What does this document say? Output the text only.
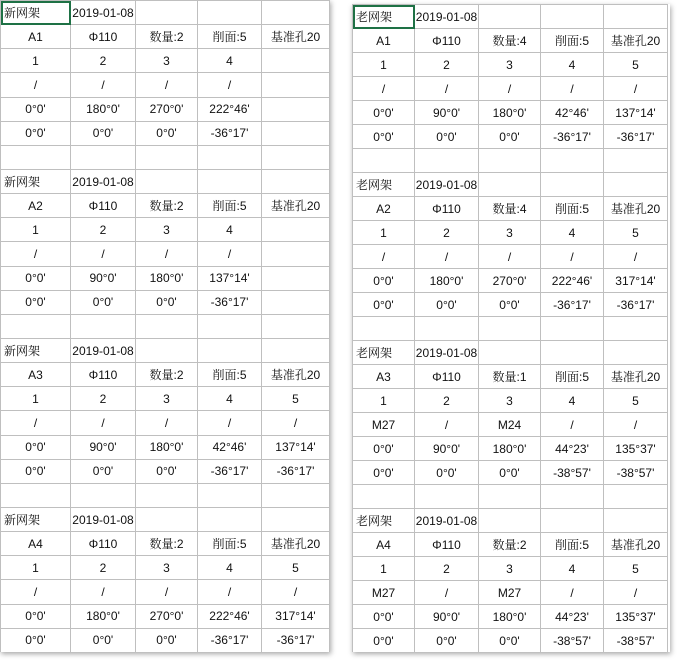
新网架	2019-01-08			
A1	Φ110	数量:2	削面:5	基准孔20
1	2	3	4	
/	/	/	/	
0°0'	180°0'	270°0'	222°46'	
0°0'	0°0'	0°0'	-36°17'	

新网架	2019-01-08			
A2	Φ110	数量:2	削面:5	基准孔20
1	2	3	4	
/	/	/	/	
0°0'	90°0'	180°0'	137°14'	
0°0'	0°0'	0°0'	-36°17'	

新网架	2019-01-08			
A3	Φ110	数量:2	削面:5	基准孔20
1	2	3	4	5
/	/	/	/	/
0°0'	90°0'	180°0'	42°46'	137°14'
0°0'	0°0'	0°0'	-36°17'	-36°17'

新网架	2019-01-08			
A4	Φ110	数量:2	削面:5	基准孔20
1	2	3	4	5
/	/	/	/	/
0°0'	180°0'	270°0'	222°46'	317°14'
0°0'	0°0'	0°0'	-36°17'	-36°17'
老网架	2019-01-08			
A1	Φ110	数量:4	削面:5	基准孔20
1	2	3	4	5
/	/	/	/	/
0°0'	90°0'	180°0'	42°46'	137°14'
0°0'	0°0'	0°0'	-36°17'	-36°17'

老网架	2019-01-08			
A2	Φ110	数量:4	削面:5	基准孔20
1	2	3	4	5
/	/	/	/	/
0°0'	180°0'	270°0'	222°46'	317°14'
0°0'	0°0'	0°0'	-36°17'	-36°17'

老网架	2019-01-08			
A3	Φ110	数量:1	削面:5	基准孔20
1	2	3	4	5
M27	/	M24	/	/
0°0'	90°0'	180°0'	44°23'	135°37'
0°0'	0°0'	0°0'	-38°57'	-38°57'

老网架	2019-01-08			
A4	Φ110	数量:2	削面:5	基准孔20
1	2	3	4	5
M27	/	M27	/	/
0°0'	90°0'	180°0'	44°23'	135°37'
0°0'	0°0'	0°0'	-38°57'	-38°57'
